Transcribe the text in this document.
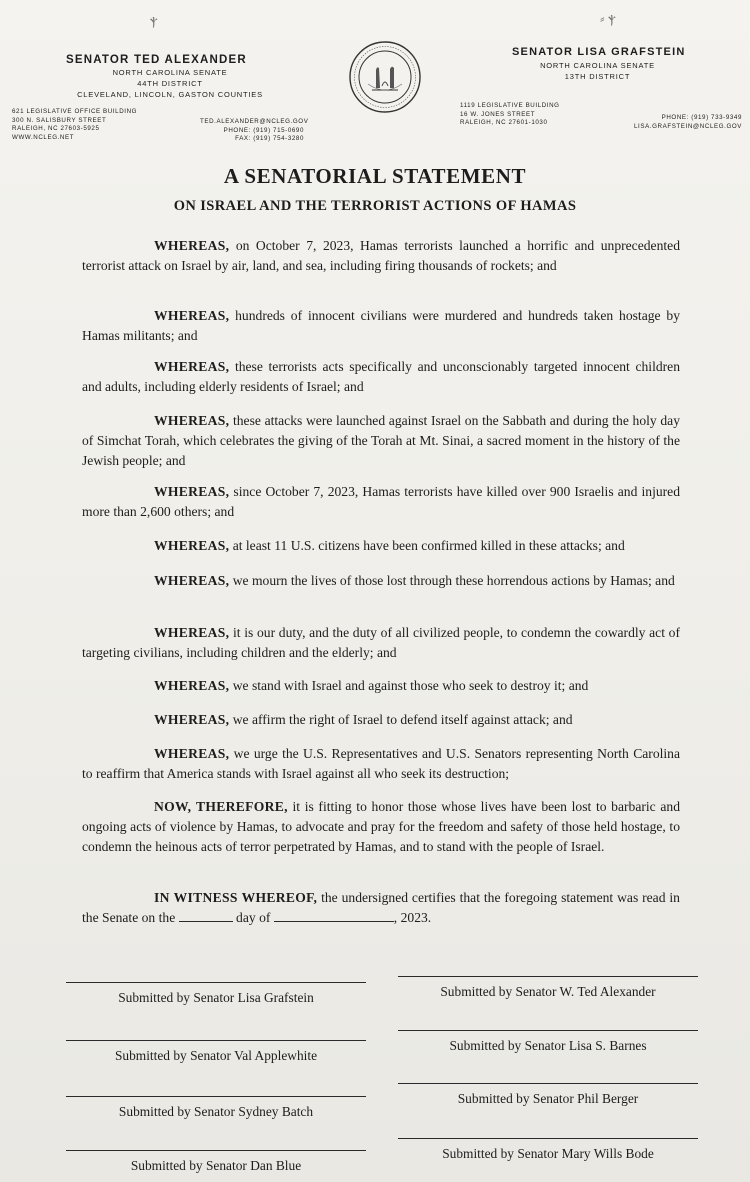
ⲯ	⸗ ⲯ
SENATOR TED ALEXANDER
NORTH CAROLINA SENATE
44TH DISTRICT
CLEVELAND, LINCOLN, GASTON COUNTIES
621 LEGISLATIVE OFFICE BUILDING
300 N. SALISBURY STREET
RALEIGH, NC 27603-5925
WWW.NCLEG.NET
TED.ALEXANDER@NCLEG.GOV
PHONE: (919) 715-0690
FAX: (919) 754-3280
SENATOR LISA GRAFSTEIN
NORTH CAROLINA SENATE
13TH DISTRICT
1119 LEGISLATIVE BUILDING
16 W. JONES STREET
RALEIGH, NC 27601-1030
PHONE: (919) 733-9349
LISA.GRAFSTEIN@NCLEG.GOV
A SENATORIAL STATEMENT
ON ISRAEL AND THE TERRORIST ACTIONS OF HAMAS
WHEREAS, on October 7, 2023, Hamas terrorists launched a horrific and unprecedented terrorist attack on Israel by air, land, and sea, including firing thousands of rockets; and
WHEREAS, hundreds of innocent civilians were murdered and hundreds taken hostage by Hamas militants; and
WHEREAS, these terrorists acts specifically and unconscionably targeted innocent children and adults, including elderly residents of Israel; and
WHEREAS, these attacks were launched against Israel on the Sabbath and during the holy day of Simchat Torah, which celebrates the giving of the Torah at Mt. Sinai, a sacred moment in the history of the Jewish people; and
WHEREAS, since October 7, 2023, Hamas terrorists have killed over 900 Israelis and injured more than 2,600 others; and
WHEREAS, at least 11 U.S. citizens have been confirmed killed in these attacks; and
WHEREAS, we mourn the lives of those lost through these horrendous actions by Hamas; and
WHEREAS, it is our duty, and the duty of all civilized people, to condemn the cowardly act of targeting civilians, including children and the elderly; and
WHEREAS, we stand with Israel and against those who seek to destroy it; and
WHEREAS, we affirm the right of Israel to defend itself against attack; and
WHEREAS, we urge the U.S. Representatives and U.S. Senators representing North Carolina to reaffirm that America stands with Israel against all who seek its destruction;
NOW, THEREFORE, it is fitting to honor those whose lives have been lost to barbaric and ongoing acts of violence by Hamas, to advocate and pray for the freedom and safety of those held hostage, to condemn the heinous acts of terror perpetrated by Hamas, and to stand with the people of Israel.
IN WITNESS WHEREOF, the undersigned certifies that the foregoing statement was read in the Senate on the	day of	, 2023.
Submitted by Senator Lisa Grafstein	Submitted by Senator W. Ted Alexander
Submitted by Senator Val Applewhite
Submitted by Senator Lisa S. Barnes
Submitted by Senator Sydney Batch
Submitted by Senator Phil Berger
Submitted by Senator Dan Blue
Submitted by Senator Mary Wills Bode
